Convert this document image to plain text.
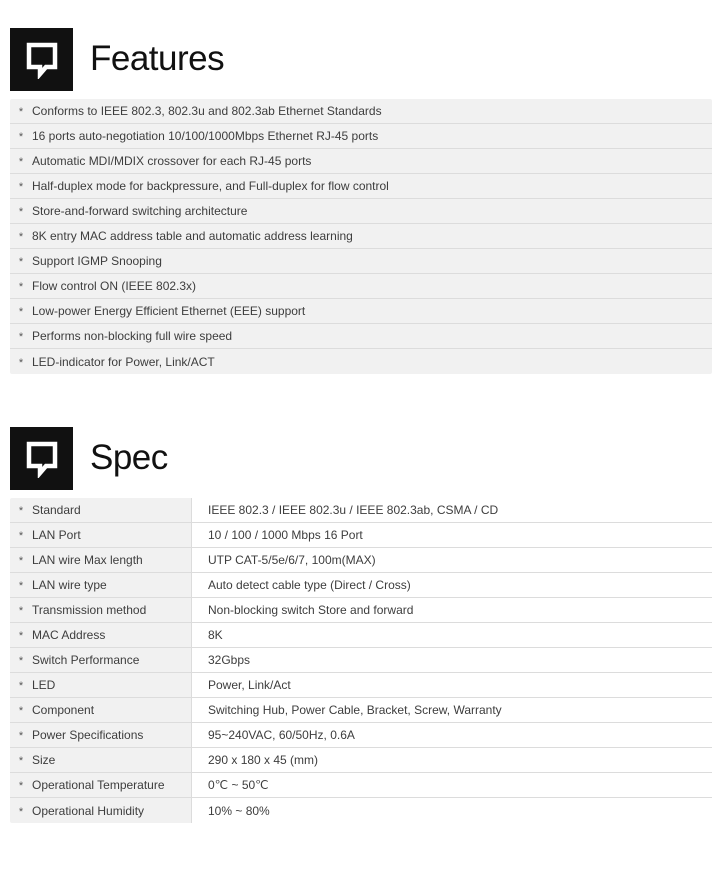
Features
* Conforms to IEEE 802.3, 802.3u and 802.3ab Ethernet Standards
* 16 ports auto-negotiation 10/100/1000Mbps Ethernet RJ-45 ports
* Automatic MDI/MDIX crossover for each RJ-45 ports
* Half-duplex mode for backpressure, and Full-duplex for flow control
* Store-and-forward switching architecture
* 8K entry MAC address table and automatic address learning
* Support IGMP Snooping
* Flow control ON (IEEE 802.3x)
* Low-power Energy Efficient Ethernet (EEE) support
* Performs non-blocking full wire speed
* LED-indicator for Power, Link/ACT
Spec
* Standard	IEEE 802.3 / IEEE 802.3u / IEEE 802.3ab, CSMA / CD
* LAN Port	10 / 100 / 1000 Mbps 16 Port
* LAN wire Max length	UTP CAT-5/5e/6/7, 100m(MAX)
* LAN wire type	Auto detect cable type (Direct / Cross)
* Transmission method	Non-blocking switch Store and forward
* MAC Address	8K
* Switch Performance	32Gbps
* LED	Power, Link/Act
* Component	Switching Hub, Power Cable, Bracket, Screw, Warranty
* Power Specifications	95~240VAC, 60/50Hz, 0.6A
* Size	290 x 180 x 45 (mm)
* Operational Temperature	0℃ ~ 50℃
* Operational Humidity	10% ~ 80%
